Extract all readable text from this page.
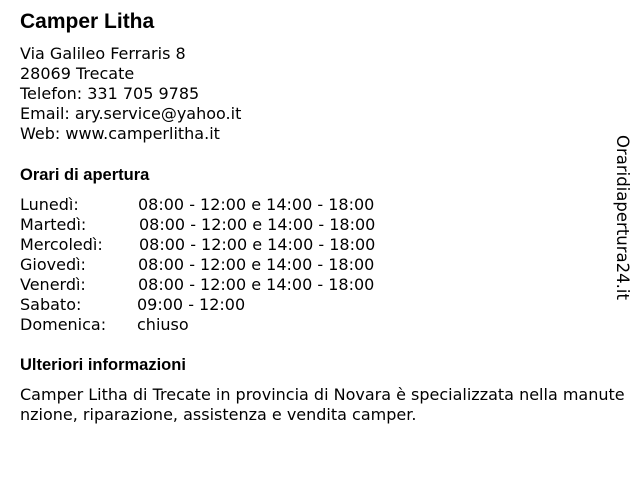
Camper Litha
Via Galileo Ferraris 8
28069 Trecate
Telefon: 331 705 9785
Email: ary.service@yahoo.it
Web: www.camperlitha.it
Orari di apertura
Lunedì:	08:00 - 12:00 e 14:00 - 18:00
Martedì:	08:00 - 12:00 e 14:00 - 18:00
Mercoledì: 08:00 - 12:00 e 14:00 - 18:00
Giovedì:	08:00 - 12:00 e 14:00 - 18:00
Venerdì:	08:00 - 12:00 e 14:00 - 18:00
Sabato:	09:00 - 12:00
Domenica: chiuso
Ulteriori informazioni

Camper Litha di Trecate in provincia di Novara è specializzata nella manutenzione, riparazione, assistenza e vendita camper.

Oraridiapertura24.it
